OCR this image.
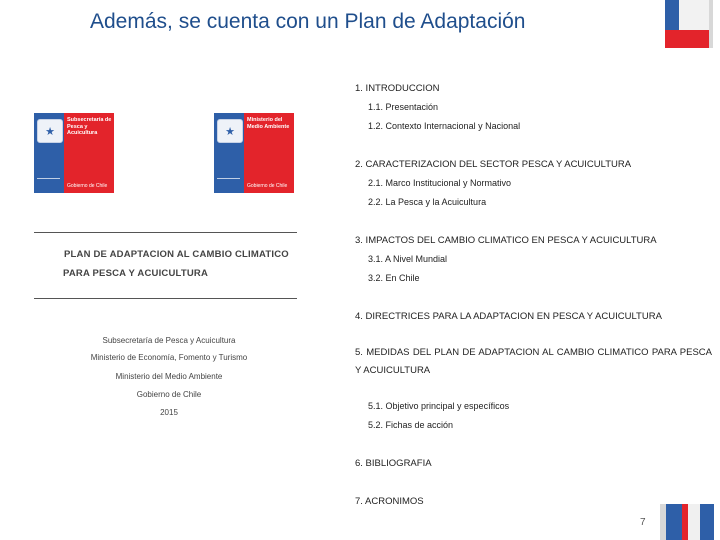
Además, se cuenta con un Plan de Adaptación
★
Subsecretaría de Pesca y Acuicultura
Gobierno de Chile
★
Ministerio del Medio Ambiente
Gobierno de Chile
PLAN DE ADAPTACION AL CAMBIO CLIMATICO
PARA PESCA Y ACUICULTURA
Subsecretaría de Pesca y Acuicultura
Ministerio de Economía, Fomento y Turismo
Ministerio del Medio Ambiente
Gobierno de Chile
2015
1. INTRODUCCION
1.1. Presentación
1.2. Contexto Internacional y Nacional
2. CARACTERIZACION DEL SECTOR PESCA Y ACUICULTURA
2.1. Marco Institucional y Normativo
2.2. La Pesca y la Acuicultura
3. IMPACTOS DEL CAMBIO CLIMATICO EN PESCA Y ACUICULTURA
3.1. A Nivel Mundial
3.2. En Chile
4. DIRECTRICES PARA LA ADAPTACION EN PESCA Y ACUICULTURA
5. MEDIDAS DEL PLAN DE ADAPTACION AL CAMBIO CLIMATICO PARA PESCA Y ACUICULTURA
5.1. Objetivo principal y específicos
5.2. Fichas de acción
6. BIBLIOGRAFIA
7. ACRONIMOS
7
